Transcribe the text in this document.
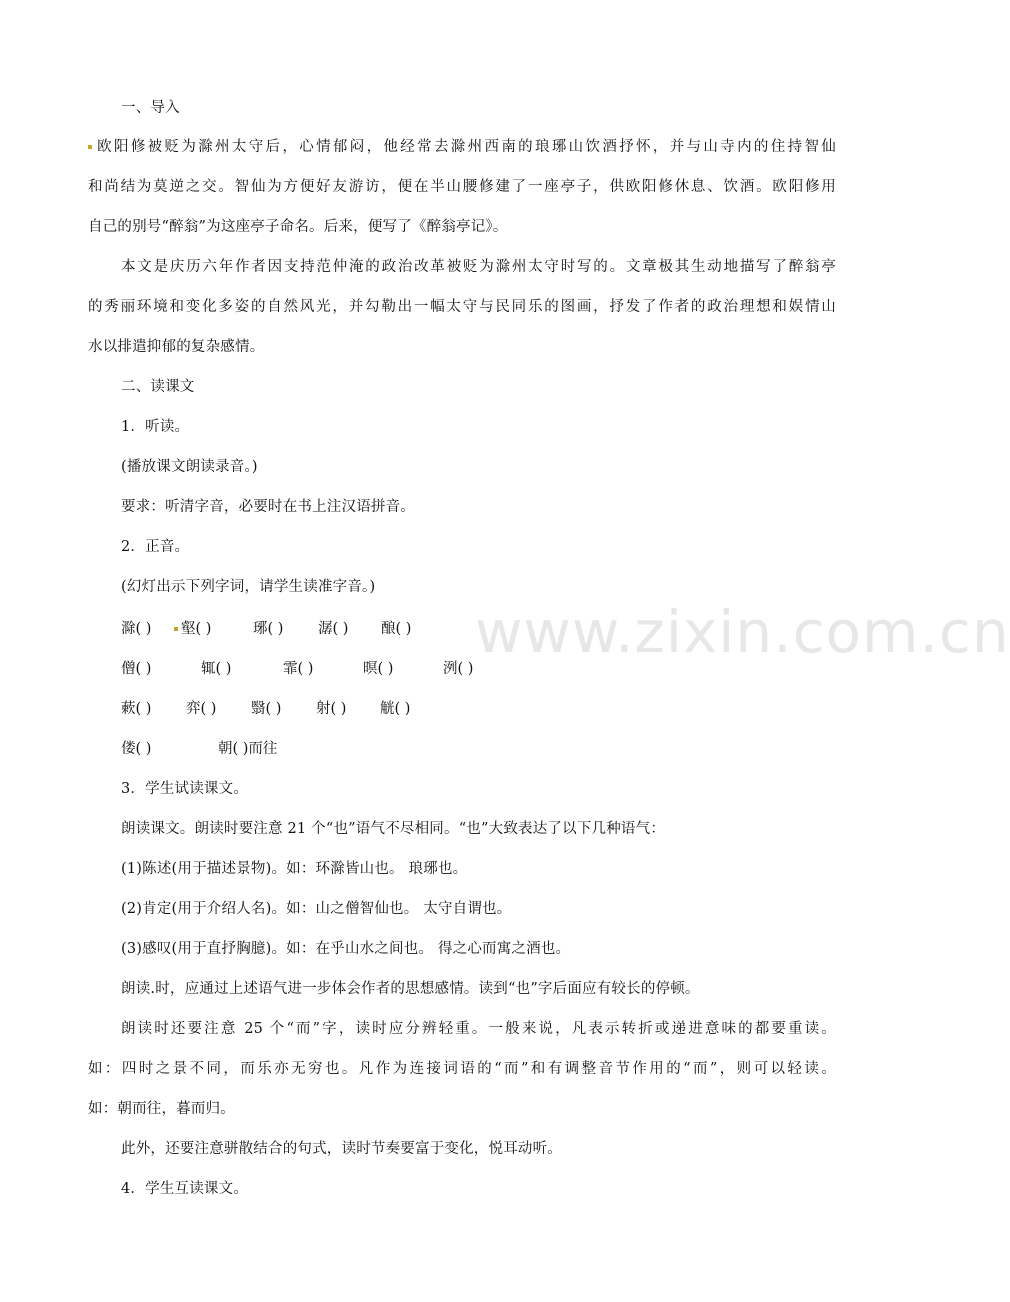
www.zixin.com.cn
一、导入
欧阳修被贬为滁州太守后，心情郁闷，他经常去滁州西南的琅琊山饮酒抒怀，并与山寺内的住持智仙
和尚结为莫逆之交。智仙为方便好友游访，便在半山腰修建了一座亭子，供欧阳修休息、饮酒。欧阳修用
自己的别号“醉翁”为这座亭子命名。后来，便写了《醉翁亭记》。
本文是庆历六年作者因支持范仲淹的政治改革被贬为滁州太守时写的。文章极其生动地描写了醉翁亭
的秀丽环境和变化多姿的自然风光，并勾勒出一幅太守与民同乐的图画，抒发了作者的政治理想和娱情山
水以排遣抑郁的复杂感情。
二、读课文
1．听读。
(播放课文朗读录音。)
要求：听清字音，必要时在书上注汉语拼音。
2．正音。
(幻灯出示下列字词，请学生读准字音。)
滁( )	壑( )	琊( ) 潺( ) 酿( )
僧( )	辄( )	霏( )	暝( )	洌( )
蔌( ) 弈( ) 翳( ) 射( ) 觥( )
偻( )	朝( )而往
3．学生试读课文。
朗读课文。朗读时要注意 21 个“也”语气不尽相同。“也”大致表达了以下几种语气：
(1)陈述(用于描述景物)。如：环滁皆山也。 琅琊也。
(2)肯定(用于介绍人名)。如：山之僧智仙也。 太守自谓也。
(3)感叹(用于直抒胸臆)。如：在乎山水之间也。 得之心而寓之酒也。
朗读.时，应通过上述语气进一步体会作者的思想感情。读到“也”字后面应有较长的停顿。
朗读时还要注意 25 个“而”字，读时应分辨轻重。一般来说，凡表示转折或递进意味的都要重读。
如：四时之景不同，而乐亦无穷也。凡作为连接词语的“而”和有调整音节作用的“而”，则可以轻读。
如：朝而往，暮而归。
此外，还要注意骈散结合的句式，读时节奏要富于变化，悦耳动听。
4．学生互读课文。
